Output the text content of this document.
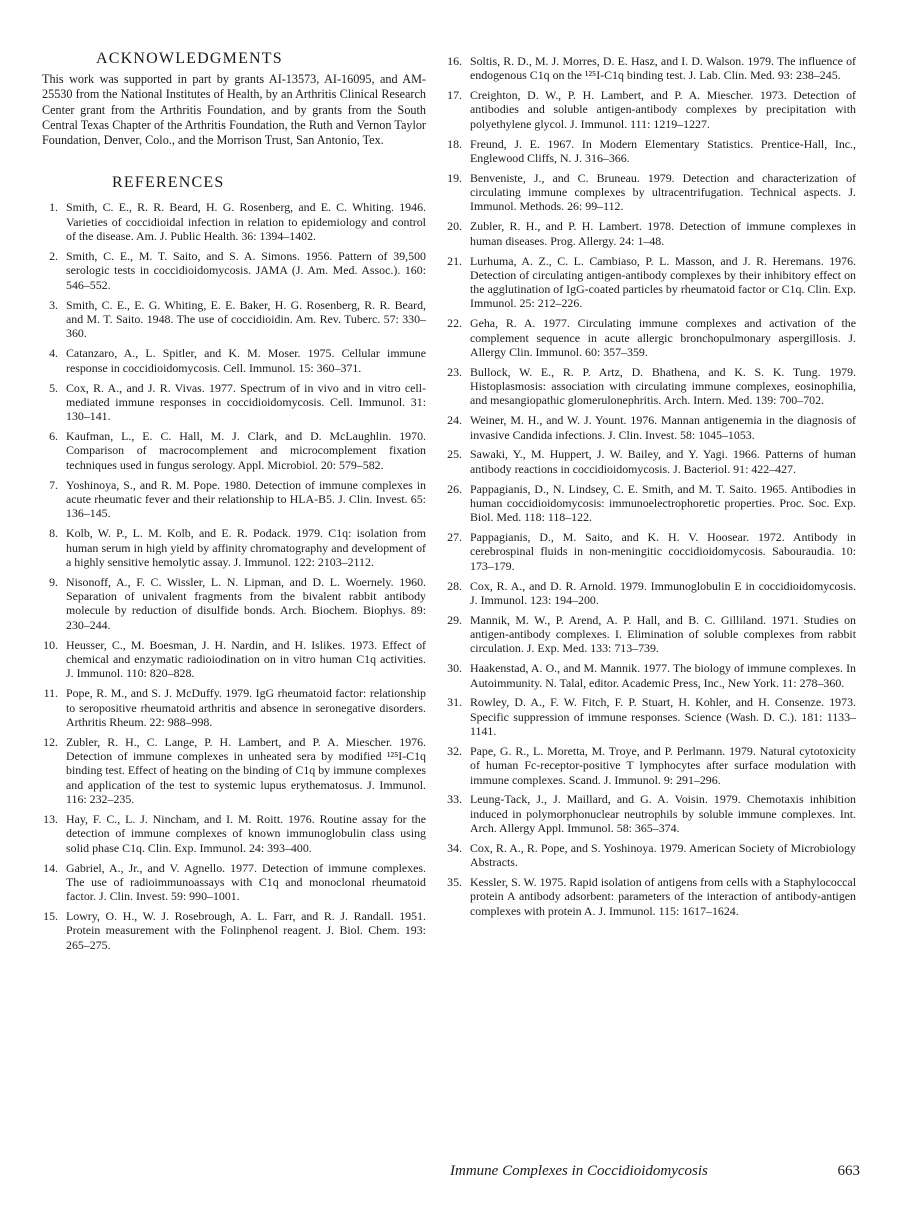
ACKNOWLEDGMENTS

This work was supported in part by grants AI-13573, AI-16095, and AM-25530 from the National Institutes of Health, by an Arthritis Clinical Research Center grant from the Arthritis Foundation, and by grants from the South Central Texas Chapter of the Arthritis Foundation, the Ruth and Vernon Taylor Foundation, Denver, Colo., and the Morrison Trust, San Antonio, Tex.

REFERENCES
1. Smith, C. E., R. R. Beard, H. G. Rosenberg, and E. C. Whiting. 1946. Varieties of coccidioidal infection in relation to epidemiology and control of the disease. Am. J. Public Health. 36: 1394–1402.
2. Smith, C. E., M. T. Saito, and S. A. Simons. 1956. Pattern of 39,500 serologic tests in coccidioidomycosis. JAMA (J. Am. Med. Assoc.). 160: 546–552.
3. Smith, C. E., E. G. Whiting, E. E. Baker, H. G. Rosenberg, R. R. Beard, and M. T. Saito. 1948. The use of coccidioidin. Am. Rev. Tuberc. 57: 330–360.
4. Catanzaro, A., L. Spitler, and K. M. Moser. 1975. Cellular immune response in coccidioidomycosis. Cell. Immunol. 15: 360–371.
5. Cox, R. A., and J. R. Vivas. 1977. Spectrum of in vivo and in vitro cell-mediated immune responses in coccidioidomycosis. Cell. Immunol. 31: 130–141.
6. Kaufman, L., E. C. Hall, M. J. Clark, and D. McLaughlin. 1970. Comparison of macrocomplement and microcomplement fixation techniques used in fungus serology. Appl. Microbiol. 20: 579–582.
7. Yoshinoya, S., and R. M. Pope. 1980. Detection of immune complexes in acute rheumatic fever and their relationship to HLA-B5. J. Clin. Invest. 65: 136–145.
8. Kolb, W. P., L. M. Kolb, and E. R. Podack. 1979. C1q: isolation from human serum in high yield by affinity chromatography and development of a highly sensitive hemolytic assay. J. Immunol. 122: 2103–2112.
9. Nisonoff, A., F. C. Wissler, L. N. Lipman, and D. L. Woernely. 1960. Separation of univalent fragments from the bivalent rabbit antibody molecule by reduction of disulfide bonds. Arch. Biochem. Biophys. 89: 230–244.
10. Heusser, C., M. Boesman, J. H. Nardin, and H. Islikes. 1973. Effect of chemical and enzymatic radioiodination on in vitro human C1q activities. J. Immunol. 110: 820–828.
11. Pope, R. M., and S. J. McDuffy. 1979. IgG rheumatoid factor: relationship to seropositive rheumatoid arthritis and absence in seronegative disorders. Arthritis Rheum. 22: 988–998.
12. Zubler, R. H., C. Lange, P. H. Lambert, and P. A. Miescher. 1976. Detection of immune complexes in unheated sera by modified ¹²⁵I-C1q binding test. Effect of heating on the binding of C1q by immune complexes and application of the test to systemic lupus erythematosus. J. Immunol. 116: 232–235.
13. Hay, F. C., L. J. Nincham, and I. M. Roitt. 1976. Routine assay for the detection of immune complexes of known immunoglobulin class using solid phase C1q. Clin. Exp. Immunol. 24: 393–400.
14. Gabriel, A., Jr., and V. Agnello. 1977. Detection of immune complexes. The use of radioimmunoassays with C1q and monoclonal rheumatoid factor. J. Clin. Invest. 59: 990–1001.
15. Lowry, O. H., W. J. Rosebrough, A. L. Farr, and R. J. Randall. 1951. Protein measurement with the Folinphenol reagent. J. Biol. Chem. 193: 265–275.
16. Soltis, R. D., M. J. Morres, D. E. Hasz, and I. D. Walson. 1979. The influence of endogenous C1q on the ¹²⁵I-C1q binding test. J. Lab. Clin. Med. 93: 238–245.
17. Creighton, D. W., P. H. Lambert, and P. A. Miescher. 1973. Detection of antibodies and soluble antigen-antibody complexes by precipitation with polyethylene glycol. J. Immunol. 111: 1219–1227.
18. Freund, J. E. 1967. In Modern Elementary Statistics. Prentice-Hall, Inc., Englewood Cliffs, N. J. 316–366.
19. Benveniste, J., and C. Bruneau. 1979. Detection and characterization of circulating immune complexes by ultracentrifugation. Technical aspects. J. Immunol. Methods. 26: 99–112.
20. Zubler, R. H., and P. H. Lambert. 1978. Detection of immune complexes in human diseases. Prog. Allergy. 24: 1–48.
21. Lurhuma, A. Z., C. L. Cambiaso, P. L. Masson, and J. R. Heremans. 1976. Detection of circulating antigen-antibody complexes by their inhibitory effect on the agglutination of IgG-coated particles by rheumatoid factor or C1q. Clin. Exp. Immunol. 25: 212–226.
22. Geha, R. A. 1977. Circulating immune complexes and activation of the complement sequence in acute allergic bronchopulmonary aspergillosis. J. Allergy Clin. Immunol. 60: 357–359.
23. Bullock, W. E., R. P. Artz, D. Bhathena, and K. S. K. Tung. 1979. Histoplasmosis: association with circulating immune complexes, eosinophilia, and mesangiopathic glomerulonephritis. Arch. Intern. Med. 139: 700–702.
24. Weiner, M. H., and W. J. Yount. 1976. Mannan antigenemia in the diagnosis of invasive Candida infections. J. Clin. Invest. 58: 1045–1053.
25. Sawaki, Y., M. Huppert, J. W. Bailey, and Y. Yagi. 1966. Patterns of human antibody reactions in coccidioidomycosis. J. Bacteriol. 91: 422–427.
26. Pappagianis, D., N. Lindsey, C. E. Smith, and M. T. Saito. 1965. Antibodies in human coccidioidomycosis: immunoelectrophoretic properties. Proc. Soc. Exp. Biol. Med. 118: 118–122.
27. Pappagianis, D., M. Saito, and K. H. V. Hoosear. 1972. Antibody in cerebrospinal fluids in non-meningitic coccidioidomycosis. Sabouraudia. 10: 173–179.
28. Cox, R. A., and D. R. Arnold. 1979. Immunoglobulin E in coccidioidomycosis. J. Immunol. 123: 194–200.
29. Mannik, M. W., P. Arend, A. P. Hall, and B. C. Gilliland. 1971. Studies on antigen-antibody complexes. I. Elimination of soluble complexes from rabbit circulation. J. Exp. Med. 133: 713–739.
30. Haakenstad, A. O., and M. Mannik. 1977. The biology of immune complexes. In Autoimmunity. N. Talal, editor. Academic Press, Inc., New York. 11: 278–360.
31. Rowley, D. A., F. W. Fitch, F. P. Stuart, H. Kohler, and H. Consenze. 1973. Specific suppression of immune responses. Science (Wash. D. C.). 181: 1133–1141.
32. Pape, G. R., L. Moretta, M. Troye, and P. Perlmann. 1979. Natural cytotoxicity of human Fc-receptor-positive T lymphocytes after surface modulation with immune complexes. Scand. J. Immunol. 9: 291–296.
33. Leung-Tack, J., J. Maillard, and G. A. Voisin. 1979. Chemotaxis inhibition induced in polymorphonuclear neutrophils by soluble immune complexes. Int. Arch. Allergy Appl. Immunol. 58: 365–374.
34. Cox, R. A., R. Pope, and S. Yoshinoya. 1979. American Society of Microbiology Abstracts.
35. Kessler, S. W. 1975. Rapid isolation of antigens from cells with a Staphylococcal protein A antibody adsorbent: parameters of the interaction of antibody-antigen complexes with protein A. J. Immunol. 115: 1617–1624.
Immune Complexes in Coccidioidomycosis	663
